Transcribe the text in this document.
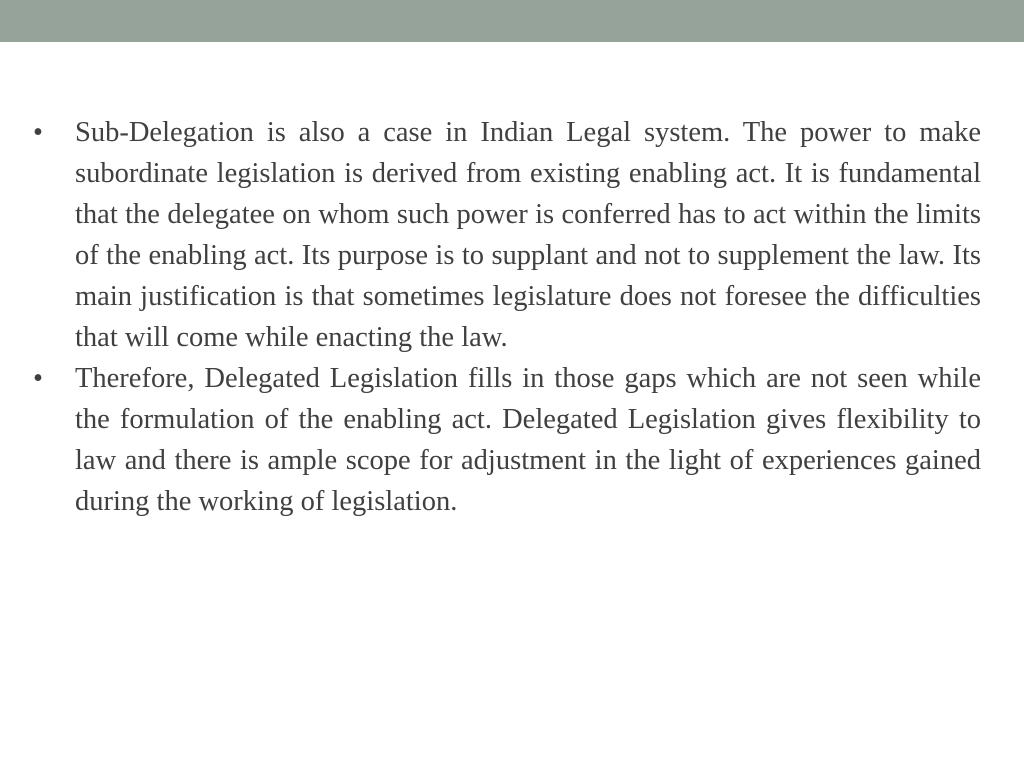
•	Sub-Delegation is also a case in Indian Legal system. The power to make subordinate legislation is derived from existing enabling act. It is fundamental that the delegatee on whom such power is conferred has to act within the limits of the enabling act. Its purpose is to supplant and not to supplement the law. Its main justification is that sometimes legislature does not foresee the difficulties that will come while enacting the law.
•	Therefore, Delegated Legislation fills in those gaps which are not seen while the formulation of the enabling act. Delegated Legislation gives flexibility to law and there is ample scope for adjustment in the light of experiences gained during the working of legislation.
